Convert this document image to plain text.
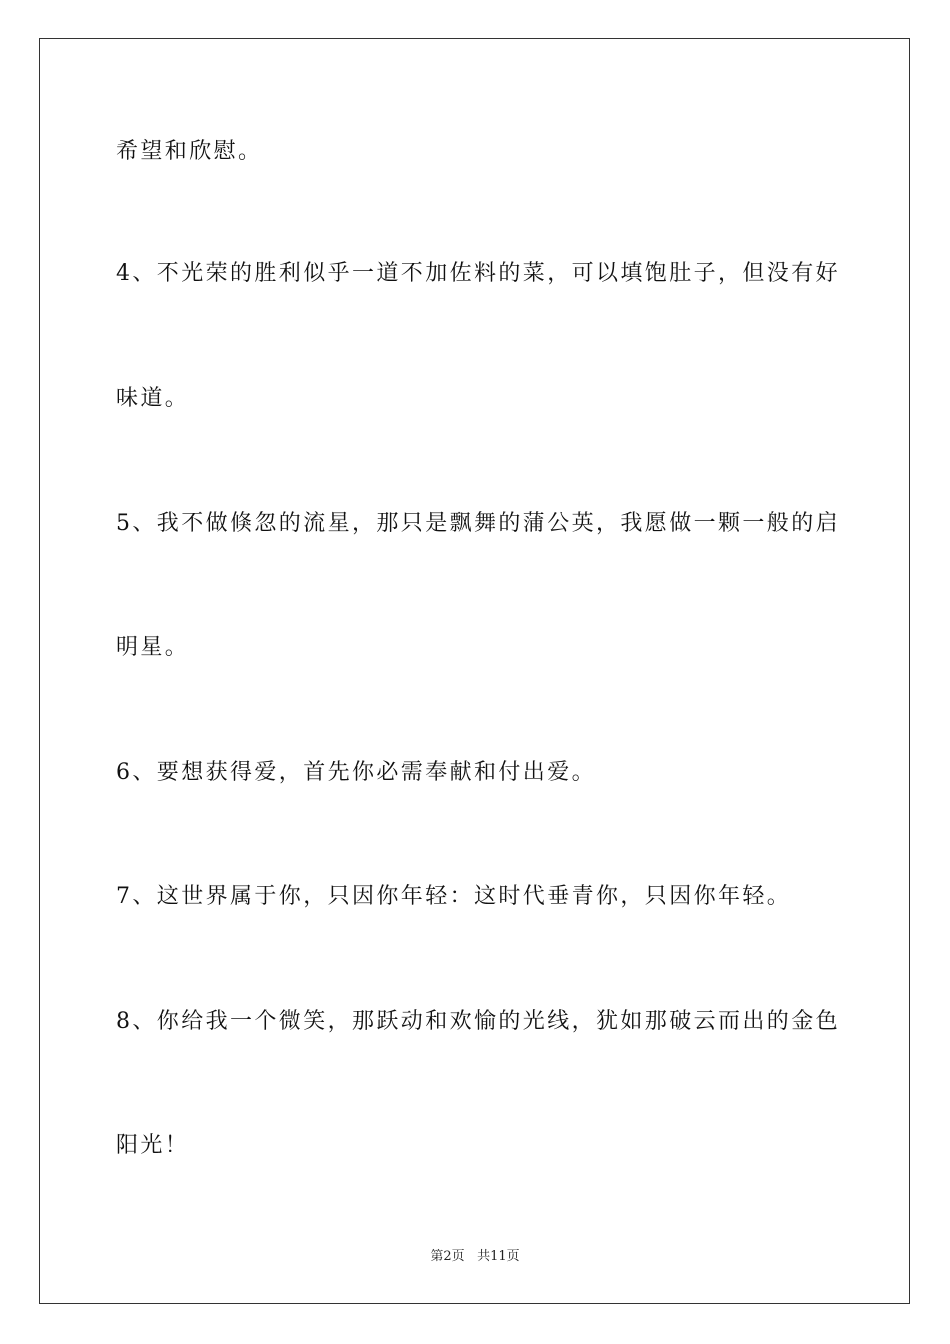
希望和欣慰。
4、不光荣的胜利似乎一道不加佐料的菜，可以填饱肚子，但没有好
味道。
5、我不做倏忽的流星，那只是飘舞的蒲公英，我愿做一颗一般的启
明星。
6、要想获得爱，首先你必需奉献和付出爱。
7、这世界属于你，只因你年轻：这时代垂青你，只因你年轻。
8、你给我一个微笑，那跃动和欢愉的光线，犹如那破云而出的金色
阳光！
第2页 共11页
